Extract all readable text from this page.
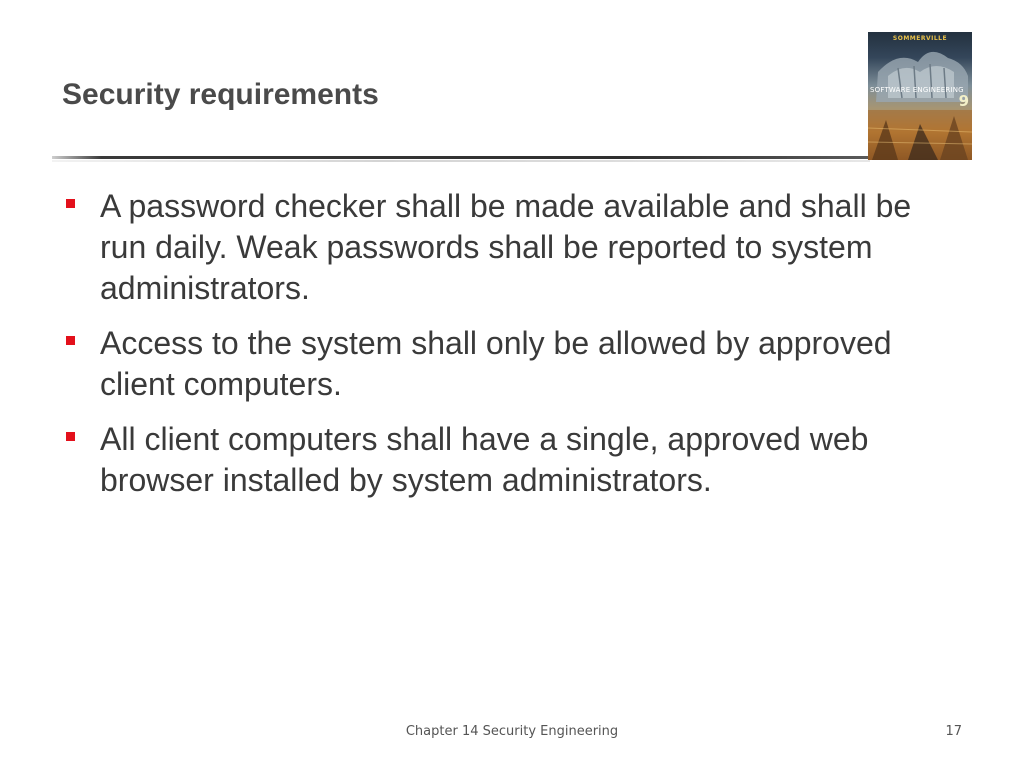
Security requirements
SOMMERVILLE
SOFTWARE ENGINEERING
9
A password checker shall be made available and shall be run daily. Weak passwords shall be reported to system administrators.
Access to the system shall only be allowed by approved client computers.
All client computers shall have a single, approved web browser installed by system administrators.
Chapter 14 Security Engineering	17
